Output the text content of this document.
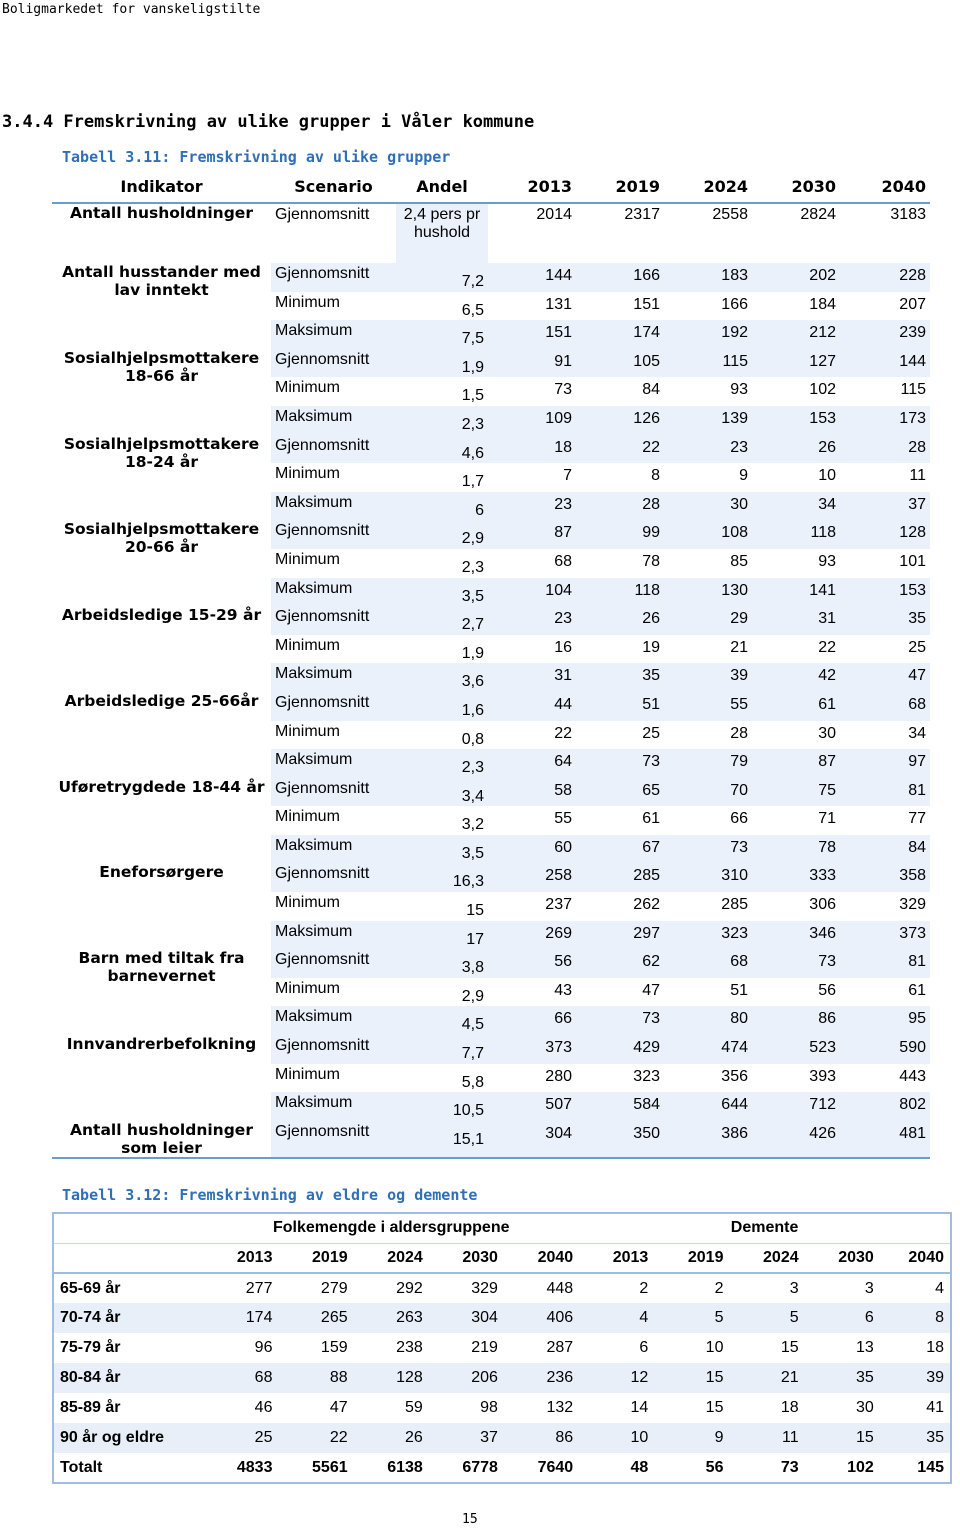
Boligmarkedet for vanskeligstilte
3.4.4 Fremskrivning av ulike grupper i Våler kommune
Tabell 3.11: Fremskrivning av ulike grupper
Indikator	Scenario	Andel	2013	2019	2024	2030	2040
Antall husholdninger	Gjennomsnitt	2,4 pers pr hushold	2014	2317	2558	2824	3183
Antall husstander med lav inntekt	Gjennomsnitt	7,2	144	166	183	202	228
	Minimum	6,5	131	151	166	184	207
	Maksimum	7,5	151	174	192	212	239
Sosialhjelpsmottakere 18-66 år	Gjennomsnitt	1,9	91	105	115	127	144
	Minimum	1,5	73	84	93	102	115
	Maksimum	2,3	109	126	139	153	173
Sosialhjelpsmottakere 18-24 år	Gjennomsnitt	4,6	18	22	23	26	28
	Minimum	1,7	7	8	9	10	11
	Maksimum	6	23	28	30	34	37
Sosialhjelpsmottakere 20-66 år	Gjennomsnitt	2,9	87	99	108	118	128
	Minimum	2,3	68	78	85	93	101
	Maksimum	3,5	104	118	130	141	153
Arbeidsledige 15-29 år	Gjennomsnitt	2,7	23	26	29	31	35
	Minimum	1,9	16	19	21	22	25
	Maksimum	3,6	31	35	39	42	47
Arbeidsledige 25-66år	Gjennomsnitt	1,6	44	51	55	61	68
	Minimum	0,8	22	25	28	30	34
	Maksimum	2,3	64	73	79	87	97
Uføretrygdede 18-44 år	Gjennomsnitt	3,4	58	65	70	75	81
	Minimum	3,2	55	61	66	71	77
	Maksimum	3,5	60	67	73	78	84
Eneforsørgere	Gjennomsnitt	16,3	258	285	310	333	358
	Minimum	15	237	262	285	306	329
	Maksimum	17	269	297	323	346	373
Barn med tiltak fra barnevernet	Gjennomsnitt	3,8	56	62	68	73	81
	Minimum	2,9	43	47	51	56	61
	Maksimum	4,5	66	73	80	86	95
Innvandrerbefolkning	Gjennomsnitt	7,7	373	429	474	523	590
	Minimum	5,8	280	323	356	393	443
	Maksimum	10,5	507	584	644	712	802
Antall husholdninger som leier	Gjennomsnitt	15,1	304	350	386	426	481
Tabell 3.12: Fremskrivning av eldre og demente
	Folkemengde i aldersgruppene					Demente				
	2013	2019	2024	2030	2040	2013	2019	2024	2030	2040
65-69 år	277	279	292	329	448	2	2	3	3	4
70-74 år	174	265	263	304	406	4	5	5	6	8
75-79 år	96	159	238	219	287	6	10	15	13	18
80-84 år	68	88	128	206	236	12	15	21	35	39
85-89 år	46	47	59	98	132	14	15	18	30	41
90 år og eldre	25	22	26	37	86	10	9	11	15	35
Totalt	4833	5561	6138	6778	7640	48	56	73	102	145
15
